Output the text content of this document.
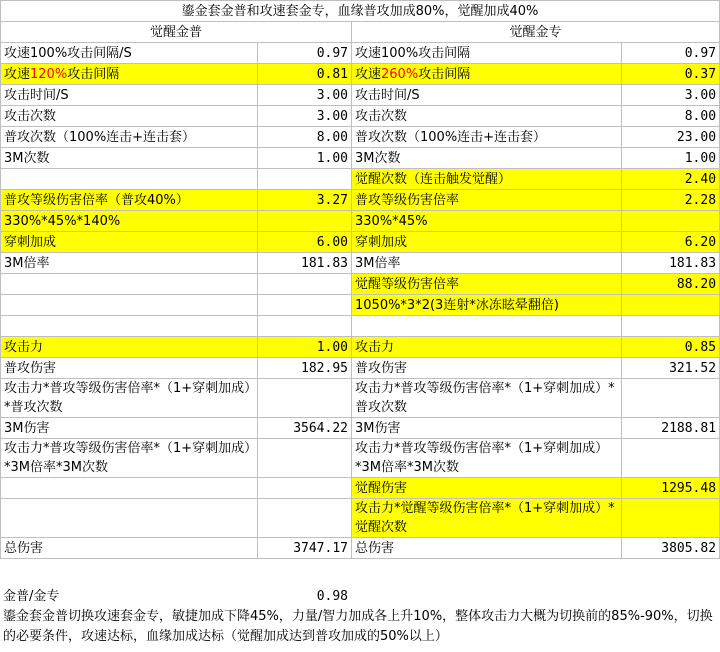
鎏金套金普和攻速套金专，血缘普攻加成80%，觉醒加成40%			
觉醒金普		觉醒金专	
攻速100%攻击间隔/S	0.97	攻速100%攻击间隔	0.97
攻速120%攻击间隔	0.81	攻速260%攻击间隔	0.37
攻击时间/S	3.00	攻击时间/S	3.00
攻击次数	3.00	攻击次数	8.00
普攻次数（100%连击+连击套）	8.00	普攻次数（100%连击+连击套）	23.00
3M次数	1.00	3M次数	1.00
		觉醒次数（连击触发觉醒）	2.40
普攻等级伤害倍率（普攻40%）	3.27	普攻等级伤害倍率	2.28
330%*45%*140%		330%*45%	
穿刺加成	6.00	穿刺加成	6.20
3M倍率	181.83	3M倍率	181.83
		觉醒等级伤害倍率	88.20
		1050%*3*2(3连射*冰冻眩晕翻倍)	

攻击力	1.00	攻击力	0.85
普攻伤害	182.95	普攻伤害	321.52
攻击力*普攻等级伤害倍率*（1+穿刺加成）*普攻次数		攻击力*普攻等级伤害倍率*（1+穿刺加成）*普攻次数	
3M伤害	3564.22	3M伤害	2188.81
攻击力*普攻等级伤害倍率*（1+穿刺加成）*3M倍率*3M次数		攻击力*普攻等级伤害倍率*（1+穿刺加成）*3M倍率*3M次数	
		觉醒伤害	1295.48
		攻击力*觉醒等级伤害倍率*（1+穿刺加成）*觉醒次数	
总伤害	3747.17	总伤害	3805.82
金普/金专	0.98		
鎏金套金普切换攻速套金专，敏捷加成下降45%，力量/智力加成各上升10%，整体攻击力大概为切换前的85%-90%，切换的必要条件，攻速达标，血缘加成达标（觉醒加成达到普攻加成的50%以上）
